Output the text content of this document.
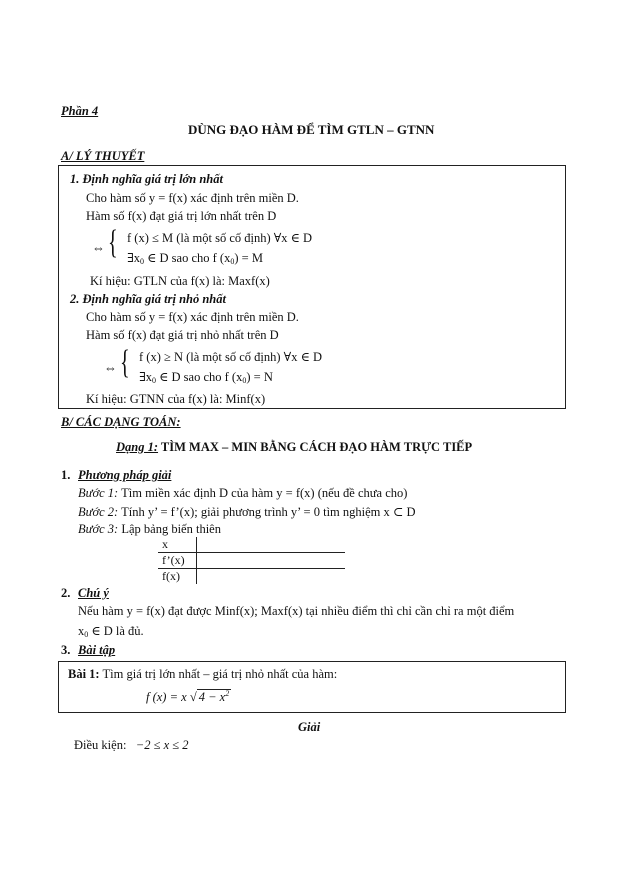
Phần 4
DÙNG ĐẠO HÀM ĐỂ TÌM GTLN – GTNN
A/ LÝ THUYẾT
1. Định nghĩa giá trị lớn nhất
Cho hàm số y = f(x) xác định trên miền D.
Hàm số f(x) đạt giá trị lớn nhất trên D
⇔ { f (x) ≤ M (là một số cố định) ∀x ∈ D
$\exists x_0$ ∈ D sao cho f $(x_0) = M$
Kí hiệu: GTLN của f(x) là: Maxf(x)
2. Định nghĩa giá trị nhỏ nhất
Cho hàm số y = f(x) xác định trên miền D.
Hàm số f(x) đạt giá trị nhỏ nhất trên D
⇔ { f (x) ≥ N (là một số cố định) ∀x ∈ D
$\exists x_0$ ∈ D sao cho f $(x_0) = N$
Kí hiệu: GTNN của f(x) là: Minf(x)
B/ CÁC DẠNG TOÁN:
Dạng 1: TÌM MAX – MIN BẰNG CÁCH ĐẠO HÀM TRỰC TIẾP
1. Phương pháp giải
Bước 1: Tìm miền xác định D của hàm y = f(x) (nếu đề chưa cho)
Bước 2: Tính y’ = f’(x); giải phương trình y’ = 0 tìm nghiệm x ⊂ D
Bước 3: Lập bảng biến thiên
x	
f’(x)	
f(x)	
2. Chú ý
Nếu hàm y = f(x) đạt được Minf(x); Maxf(x) tại nhiều điểm thì chỉ cần chỉ ra một điểm
$x_0$ ∈ D là đủ.
3. Bài tập
Bài 1: Tìm giá trị lớn nhất – giá trị nhỏ nhất của hàm:
f (x) = x √ $4 - x^2$
Giải
Điều kiện: −2 ≤ x ≤ 2
